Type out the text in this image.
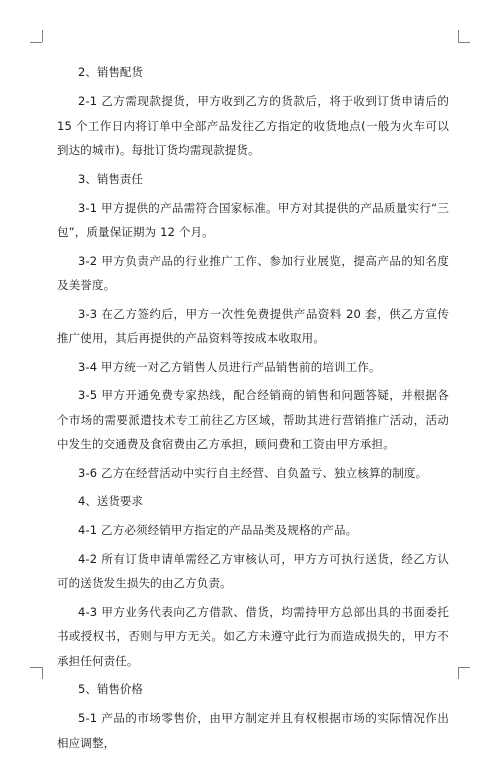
2、销售配货
2-1 乙方需现款提货，甲方收到乙方的货款后，将于收到订货申请后的 15 个工作日内将订单中全部产品发往乙方指定的收货地点(一般为火车可以到达的城市)。每批订货均需现款提货。
3、销售责任
3-1 甲方提供的产品需符合国家标准。甲方对其提供的产品质量实行“三包”，质量保证期为 12 个月。
3-2 甲方负责产品的行业推广工作、参加行业展览，提高产品的知名度及美誉度。
3-3 在乙方签约后，甲方一次性免费提供产品资料 20 套，供乙方宣传推广使用，其后再提供的产品资料等按成本收取用。
3-4 甲方统一对乙方销售人员进行产品销售前的培训工作。
3-5 甲方开通免费专家热线，配合经销商的销售和问题答疑，并根据各个市场的需要派遣技术专工前往乙方区域，帮助其进行营销推广活动，活动中发生的交通费及食宿费由乙方承担，顾问费和工资由甲方承担。
3-6 乙方在经营活动中实行自主经营、自负盈亏、独立核算的制度。
4、送货要求
4-1 乙方必须经销甲方指定的产品品类及规格的产品。
4-2 所有订货申请单需经乙方审核认可，甲方方可执行送货，经乙方认可的送货发生损失的由乙方负责。
4-3 甲方业务代表向乙方借款、借货，均需持甲方总部出具的书面委托书或授权书，否则与甲方无关。如乙方未遵守此行为而造成损失的，甲方不承担任何责任。
5、销售价格
5-1 产品的市场零售价，由甲方制定并且有权根据市场的实际情况作出相应调整，
